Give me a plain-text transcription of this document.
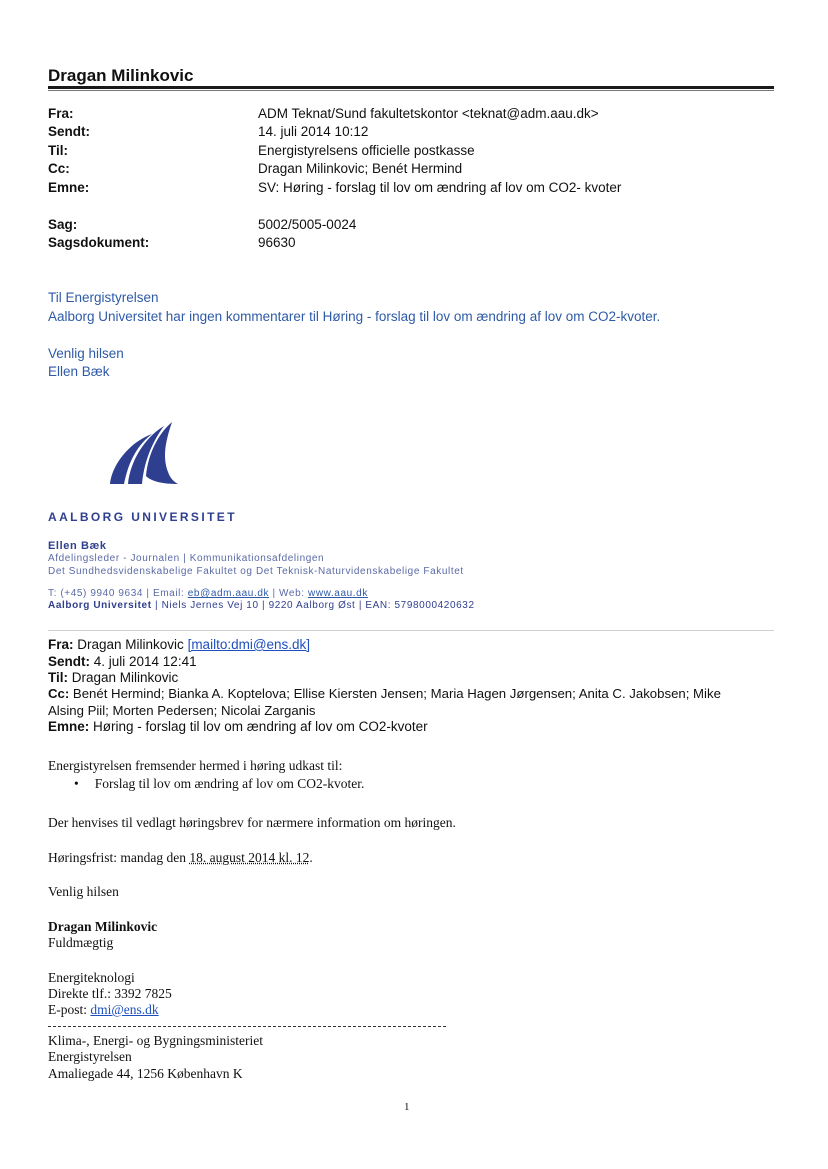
Dragan Milinkovic
Fra:	ADM Teknat/Sund fakultetskontor <teknat@adm.aau.dk>
Sendt:	14. juli 2014 10:12
Til:	Energistyrelsens officielle postkasse
Cc:	Dragan Milinkovic; Benét Hermind
Emne:	SV: Høring - forslag til lov om ændring af lov om CO2- kvoter
Sag:	5002/5005-0024
Sagsdokument:	96630
Til Energistyrelsen
Aalborg Universitet har ingen kommentarer til Høring - forslag til lov om ændring af lov om CO2-kvoter.
Venlig hilsen
Ellen Bæk
AALBORG UNIVERSITET
Ellen Bæk
Afdelingsleder - Journalen | Kommunikationsafdelingen
Det Sundhedsvidenskabelige Fakultet og Det Teknisk-Naturvidenskabelige Fakultet
T: (+45) 9940 9634 | Email: eb@adm.aau.dk | Web: www.aau.dk
Aalborg Universitet | Niels Jernes Vej 10 | 9220 Aalborg Øst | EAN: 5798000420632
Fra: Dragan Milinkovic [mailto:dmi@ens.dk]
Sendt: 4. juli 2014 12:41
Til: Dragan Milinkovic
Cc: Benét Hermind; Bianka A. Koptelova; Ellise Kiersten Jensen; Maria Hagen Jørgensen; Anita C. Jakobsen; Mike
Alsing Piil; Morten Pedersen; Nicolai Zarganis
Emne: Høring - forslag til lov om ændring af lov om CO2-kvoter
Energistyrelsen fremsender hermed i høring udkast til:
• Forslag til lov om ændring af lov om CO2-kvoter.
Der henvises til vedlagt høringsbrev for nærmere information om høringen.
Høringsfrist: mandag den 18. august 2014 kl. 12.
Venlig hilsen
Dragan Milinkovic
Fuldmægtig
Energiteknologi
Direkte tlf.: 3392 7825
E-post: dmi@ens.dk
Klima-, Energi- og Bygningsministeriet
Energistyrelsen
Amaliegade 44, 1256 København K
1
